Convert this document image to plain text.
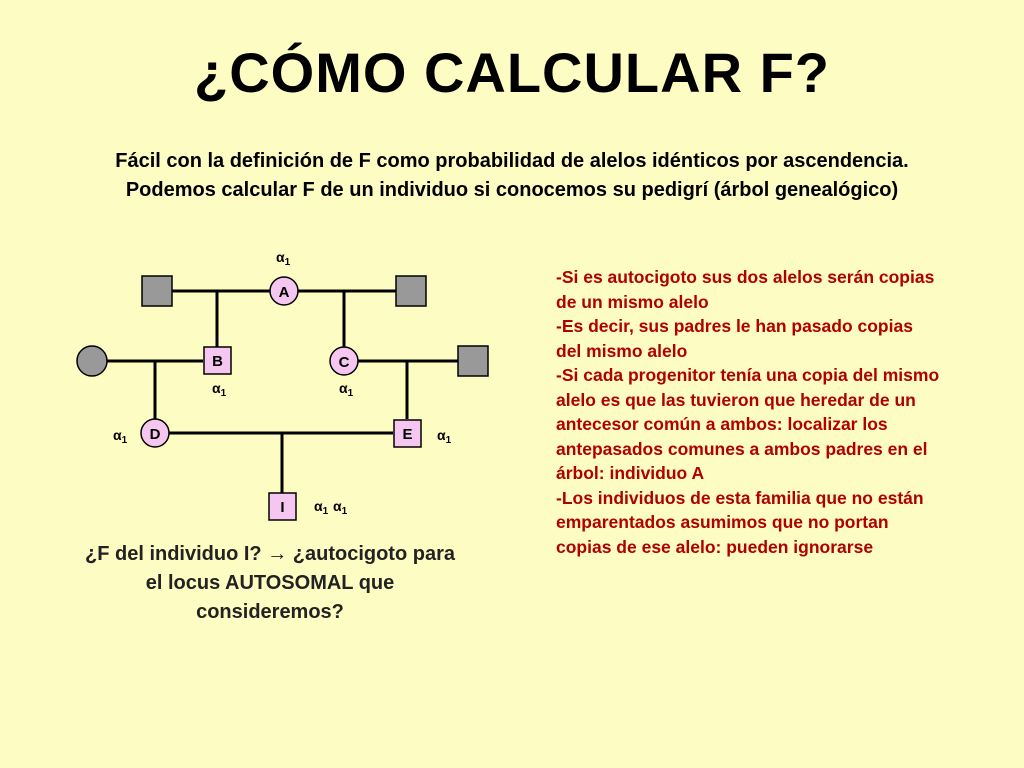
¿CÓMO CALCULAR F?
Fácil con la definición de F como probabilidad de alelos idénticos por ascendencia.
Podemos calcular F de un individuo si conocemos su pedigrí (árbol genealógico)
A
B	C
D	E
I
$\alpha_1$
$\alpha_1$	$\alpha_1$
$\alpha_1$	$\alpha_1$
$\alpha_1$ $\alpha_1$
-Si es autocigoto sus dos alelos serán copias
de un mismo alelo
-Es decir, sus padres le han pasado copias
del mismo alelo
-Si cada progenitor tenía una copia del mismo
alelo es que las tuvieron que heredar de un
antecesor común a ambos: localizar los
antepasados comunes a ambos padres en el
árbol: individuo A
-Los individuos de esta familia que no están
emparentados asumimos que no portan
copias de ese alelo: pueden ignorarse
¿F del individuo I? → ¿autocigoto para
el locus AUTOSOMAL que
consideremos?
